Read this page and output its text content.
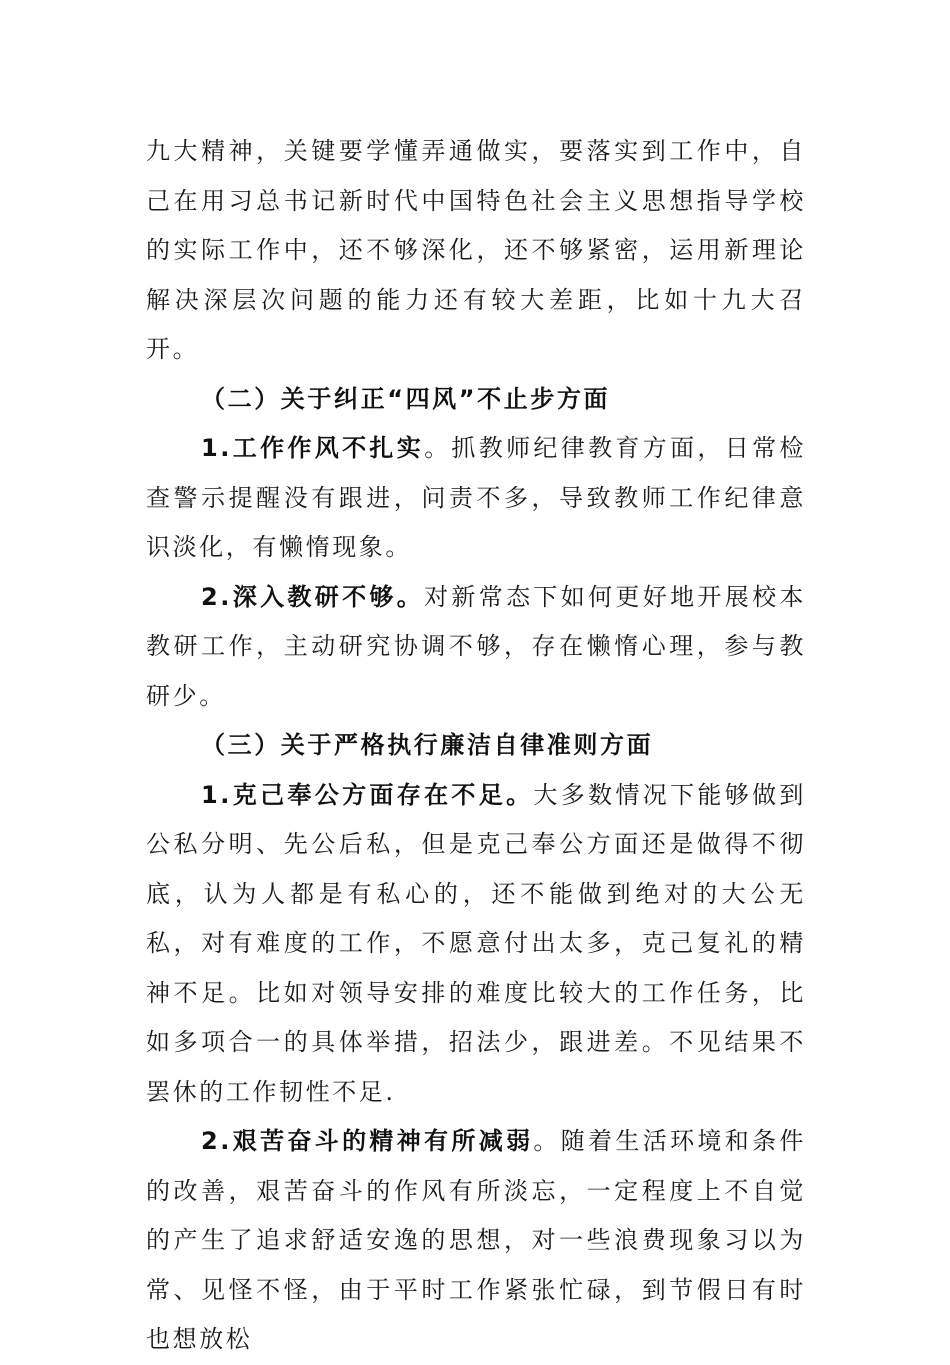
九大精神，关键要学懂弄通做实，要落实到工作中，自己在用习总书记新时代中国特色社会主义思想指导学校的实际工作中，还不够深化，还不够紧密，运用新理论解决深层次问题的能力还有较大差距，比如十九大召开。

（二）关于纠正“四风”不止步方面

1.工作作风不扎实。抓教师纪律教育方面，日常检查警示提醒没有跟进，问责不多，导致教师工作纪律意识淡化，有懒惰现象。

2.深入教研不够。对新常态下如何更好地开展校本教研工作，主动研究协调不够，存在懒惰心理，参与教研少。

（三）关于严格执行廉洁自律准则方面

1.克己奉公方面存在不足。大多数情况下能够做到公私分明、先公后私，但是克己奉公方面还是做得不彻底，认为人都是有私心的，还不能做到绝对的大公无私，对有难度的工作，不愿意付出太多，克己复礼的精神不足。比如对领导安排的难度比较大的工作任务，比如多项合一的具体举措，招法少，跟进差。不见结果不罢休的工作韧性不足.

2.艰苦奋斗的精神有所减弱。随着生活环境和条件的改善，艰苦奋斗的作风有所淡忘，一定程度上不自觉的产生了追求舒适安逸的思想，对一些浪费现象习以为常、见怪不怪，由于平时工作紧张忙碌，到节假日有时也想放松
